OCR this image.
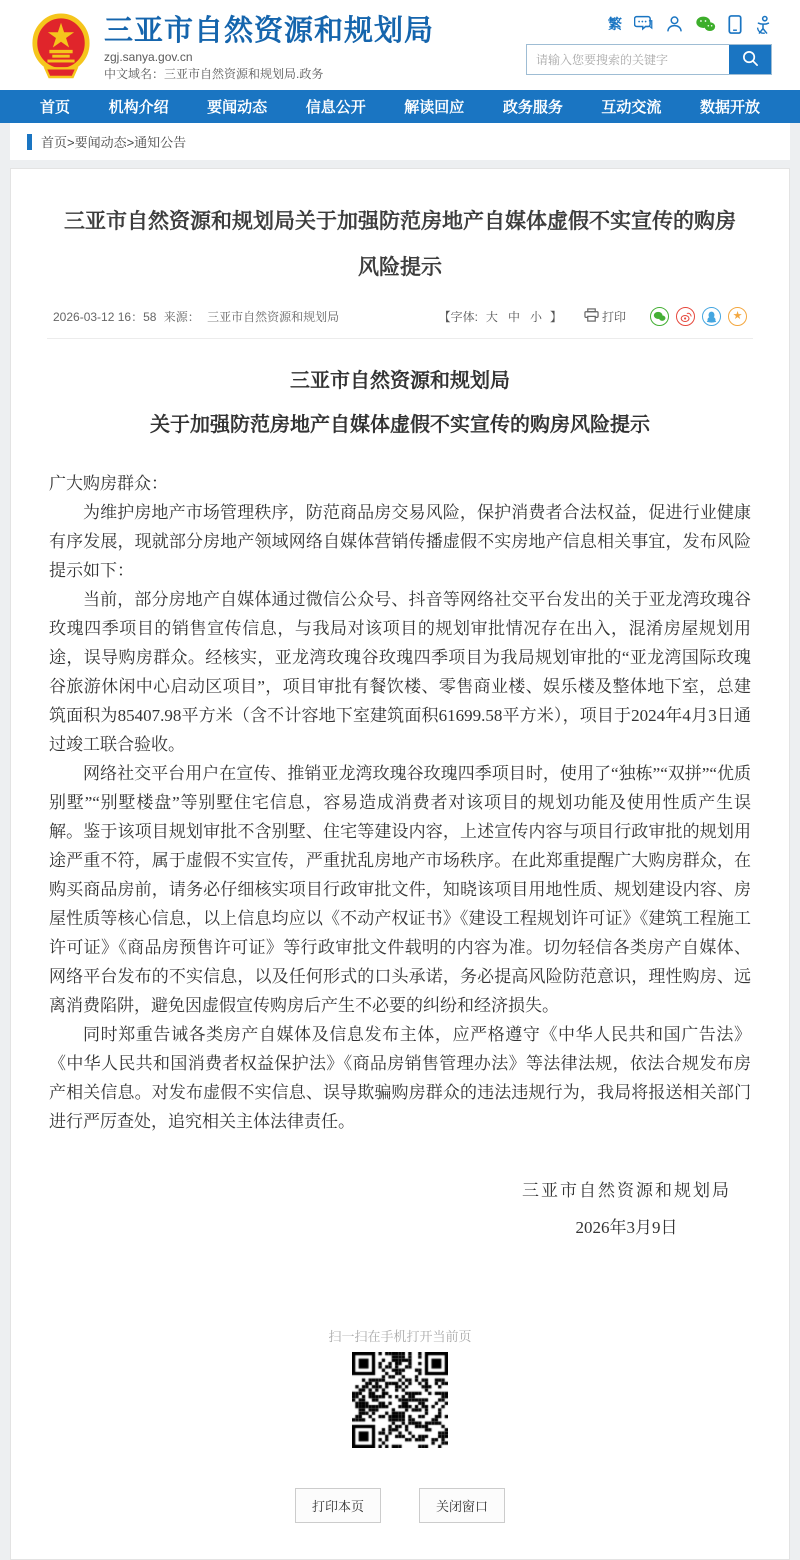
三亚市自然资源和规划局
zgj.sanya.gov.cn
中文域名：三亚市自然资源和规划局.政务
繁
请输入您要搜索的关键字
首页	机构介绍	要闻动态	信息公开	解读回应	政务服务	互动交流	数据开放
首页>要闻动态>通知公告
三亚市自然资源和规划局关于加强防范房地产自媒体虚假不实宣传的购房风险提示
2026-03-12 16：58 来源： 三亚市自然资源和规划局	【字体: 大 中 小 】	打印	★
三亚市自然资源和规划局
关于加强防范房地产自媒体虚假不实宣传的购房风险提示

广大购房群众：

为维护房地产市场管理秩序，防范商品房交易风险，保护消费者合法权益，促进行业健康有序发展，现就部分房地产领域网络自媒体营销传播虚假不实房地产信息相关事宜，发布风险提示如下：

当前，部分房地产自媒体通过微信公众号、抖音等网络社交平台发出的关于亚龙湾玫瑰谷玫瑰四季项目的销售宣传信息，与我局对该项目的规划审批情况存在出入，混淆房屋规划用途，误导购房群众。经核实，亚龙湾玫瑰谷玫瑰四季项目为我局规划审批的“亚龙湾国际玫瑰谷旅游休闲中心启动区项目”，项目审批有餐饮楼、零售商业楼、娱乐楼及整体地下室，总建筑面积为85407.98平方米（含不计容地下室建筑面积61699.58平方米），项目于2024年4月3日通过竣工联合验收。

网络社交平台用户在宣传、推销亚龙湾玫瑰谷玫瑰四季项目时，使用了“独栋”“双拼”“优质别墅”“别墅楼盘”等别墅住宅信息，容易造成消费者对该项目的规划功能及使用性质产生误解。鉴于该项目规划审批不含别墅、住宅等建设内容，上述宣传内容与项目行政审批的规划用途严重不符，属于虚假不实宣传，严重扰乱房地产市场秩序。在此郑重提醒广大购房群众，在购买商品房前，请务必仔细核实项目行政审批文件，知晓该项目用地性质、规划建设内容、房屋性质等核心信息，以上信息均应以《不动产权证书》《建设工程规划许可证》《建筑工程施工许可证》《商品房预售许可证》等行政审批文件载明的内容为准。切勿轻信各类房产自媒体、网络平台发布的不实信息，以及任何形式的口头承诺，务必提高风险防范意识，理性购房、远离消费陷阱，避免因虚假宣传购房后产生不必要的纠纷和经济损失。

同时郑重告诫各类房产自媒体及信息发布主体，应严格遵守《中华人民共和国广告法》《中华人民共和国消费者权益保护法》《商品房销售管理办法》等法律法规，依法合规发布房产相关信息。对发布虚假不实信息、误导欺骗购房群众的违法违规行为，我局将报送相关部门进行严厉查处，追究相关主体法律责任。

三亚市自然资源和规划局
2026年3月9日
扫一扫在手机打开当前页
打印本页	关闭窗口
